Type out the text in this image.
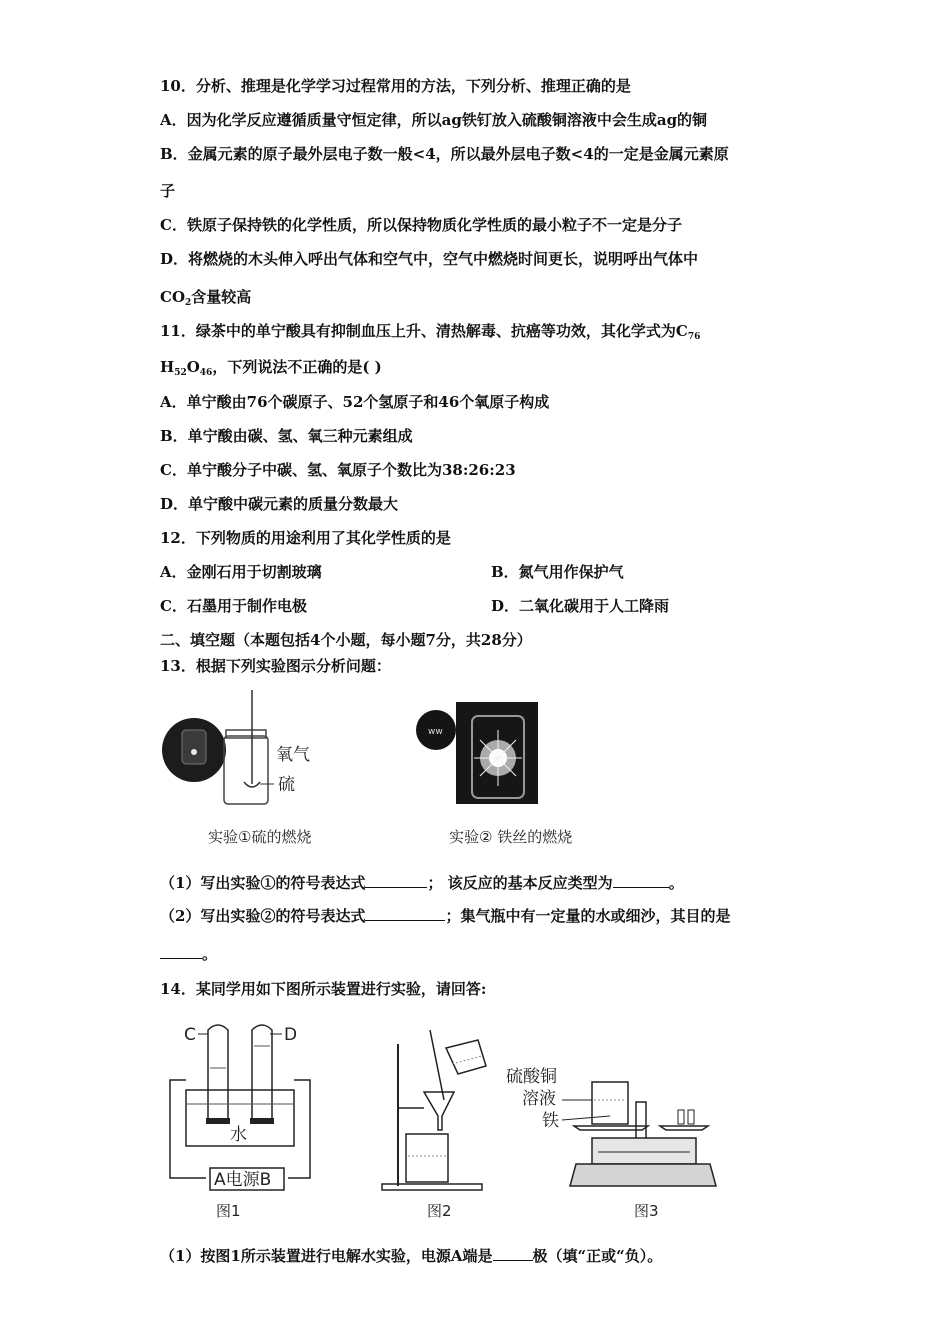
10．分析、推理是化学学习过程常用的方法，下列分析、推理正确的是
A．因为化学反应遵循质量守恒定律，所以ag铁钉放入硫酸铜溶液中会生成ag的铜
B．金属元素的原子最外层电子数一般<4，所以最外层电子数<4的一定是金属元素原
子
C．铁原子保持铁的化学性质，所以保持物质化学性质的最小粒子不一定是分子
D．将燃烧的木头伸入呼出气体和空气中，空气中燃烧时间更长，说明呼出气体中
$CO_2$含量较高
11．绿茶中的单宁酸具有抑制血压上升、清热解毒、抗癌等功效，其化学式为$C_{76}$
$H_{52}O_{46}$，下列说法不正确的是( )
A．单宁酸由76个碳原子、52个氢原子和46个氧原子构成
B．单宁酸由碳、氢、氧三种元素组成
C．单宁酸分子中碳、氢、氧原子个数比为38:26:23
D．单宁酸中碳元素的质量分数最大
12．下列物质的用途利用了其化学性质的是
A．金刚石用于切割玻璃	B．氮气用作保护气
C．石墨用于制作电极	D．二氧化碳用于人工降雨
二、填空题（本题包括4个小题，每小题7分，共28分）
13．根据下列实验图示分析问题：
氧气
硫
实验①硫的燃烧
ww
实验② 铁丝的燃烧
（1）写出实验①的符号表达式	； 该反应的基本反应类型为	。
（2）写出实验②的符号表达式	；集气瓶中有一定量的水或细沙，其目的是
。
14．某同学用如下图所示装置进行实验，请回答:
C	D
水
A电源B
图1	图2
硫酸铜
溶液
铁
图3
（1）按图1所示装置进行电解水实验，电源A端是	极（填“正或“负）。
